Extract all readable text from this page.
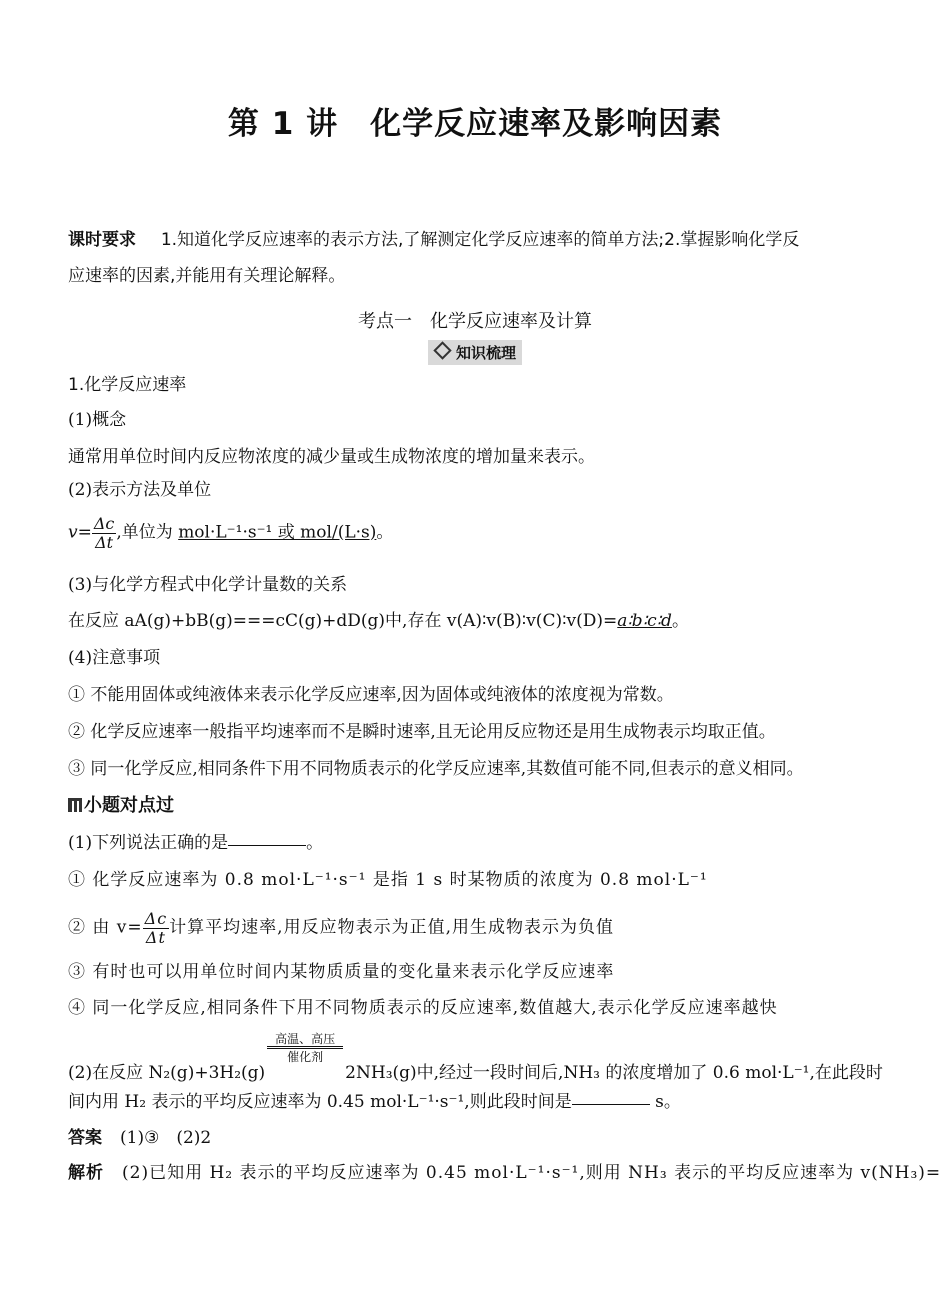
第 1 讲　化学反应速率及影响因素
课时要求 1.知道化学反应速率的表示方法,了解测定化学反应速率的简单方法;2.掌握影响化学反
应速率的因素,并能用有关理论解释。
考点一　化学反应速率及计算
知识梳理
1.化学反应速率
(1)概念
通常用单位时间内反应物浓度的减少量或生成物浓度的增加量来表示。
(2)表示方法及单位
$v= \frac{\Delta c}{\Delta t}$ ,单位为 mol·L⁻¹·s⁻¹ 或 mol/(L·s)。
(3)与化学方程式中化学计量数的关系
在反应 aA(g)+bB(g)===cC(g)+dD(g)中,存在 v(A)∶v(B)∶v(C)∶v(D)=a∶b∶c∶d。
(4)注意事项
① 不能用固体或纯液体来表示化学反应速率,因为固体或纯液体的浓度视为常数。
② 化学反应速率一般指平均速率而不是瞬时速率,且无论用反应物还是用生成物表示均取正值。
③ 同一化学反应,相同条件下用不同物质表示的化学反应速率,其数值可能不同,但表示的意义相同。
小题对点过
(1)下列说法正确的是	。
① 化学反应速率为 0.8 mol·L⁻¹·s⁻¹ 是指 1 s 时某物质的浓度为 0.8 mol·L⁻¹
② 由 $v= \frac{\Delta c}{\Delta t}$ 计算平均速率,用反应物表示为正值,用生成物表示为负值
③ 有时也可以用单位时间内某物质质量的变化量来表示化学反应速率
④ 同一化学反应,相同条件下用不同物质表示的反应速率,数值越大,表示化学反应速率越快
(2)在反应 N₂(g)+3H₂(g)
高温、高压
催化剂
2NH₃(g)中,经过一段时间后,NH₃ 的浓度增加了 0.6 mol·L⁻¹,在此段时
间内用 H₂ 表示的平均反应速率为 0.45 mol·L⁻¹·s⁻¹,则此段时间是	s。
答案 (1)③　(2)2
解析 (2)已知用 H₂ 表示的平均反应速率为 0.45 mol·L⁻¹·s⁻¹,则用 NH₃ 表示的平均反应速率为 v(NH₃)=
